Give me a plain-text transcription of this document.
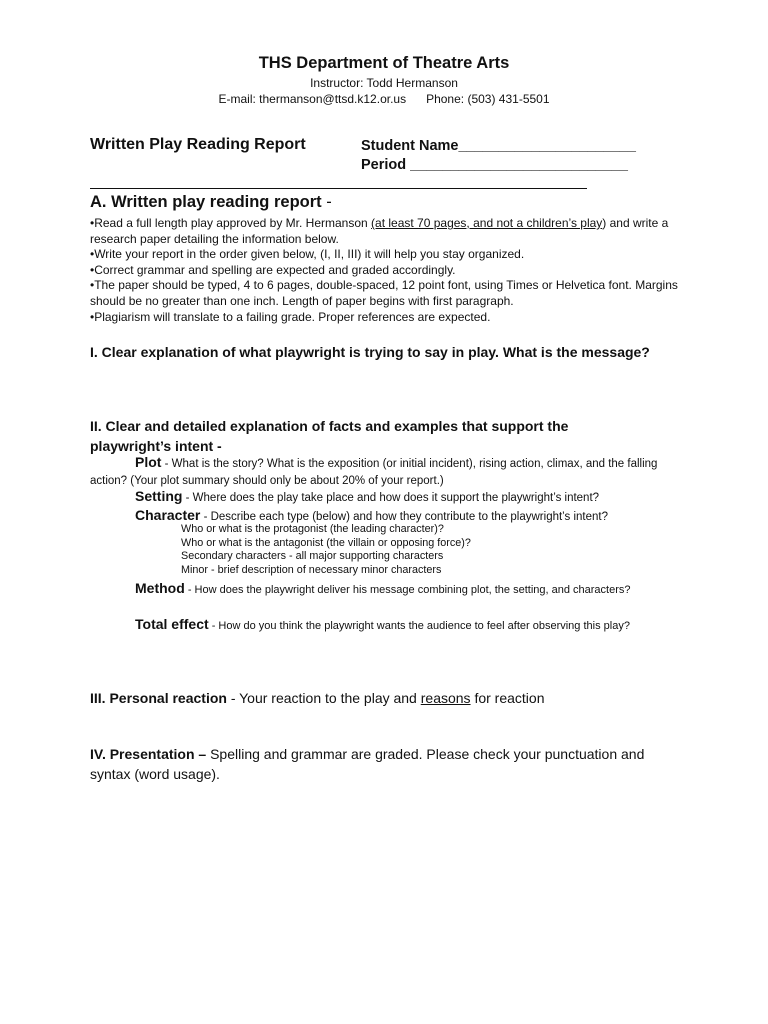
THS Department of Theatre Arts
Instructor: Todd Hermanson
E-mail: thermanson@ttsd.k12.or.us      Phone: (503) 431-5501
Written Play Reading Report	Student Name______________________
Period ___________________________
A. Written play reading report -
•Read a full length play approved by Mr. Hermanson (at least 70 pages, and not a children’s play) and write a research paper detailing the information below.
•Write your report in the order given below, (I, II, III) it will help you stay organized.
•Correct grammar and spelling are expected and graded accordingly.
•The paper should be typed, 4 to 6 pages, double-spaced, 12 point font, using Times or Helvetica font. Margins should be no greater than one inch. Length of paper begins with first paragraph.
•Plagiarism will translate to a failing grade. Proper references are expected.
I. Clear explanation of what playwright is trying to say in play. What is the message?
II. Clear and detailed explanation of facts and examples that support the playwright’s intent -
Plot - What is the story? What is the exposition (or initial incident), rising action, climax, and the falling action? (Your plot summary should only be about 20% of your report.)
Setting - Where does the play take place and how does it support the playwright’s intent?
Character - Describe each type (below) and how they contribute to the playwright’s intent?
Who or what is the protagonist (the leading character)?
Who or what is the antagonist (the villain or opposing force)?
Secondary characters - all major supporting characters
Minor - brief description of necessary minor characters
Method - How does the playwright deliver his message combining plot, the setting, and characters?
Total effect - How do you think the playwright wants the audience to feel after observing this play?
III. Personal reaction - Your reaction to the play and reasons for reaction
IV. Presentation – Spelling and grammar are graded. Please check your punctuation and syntax (word usage).
